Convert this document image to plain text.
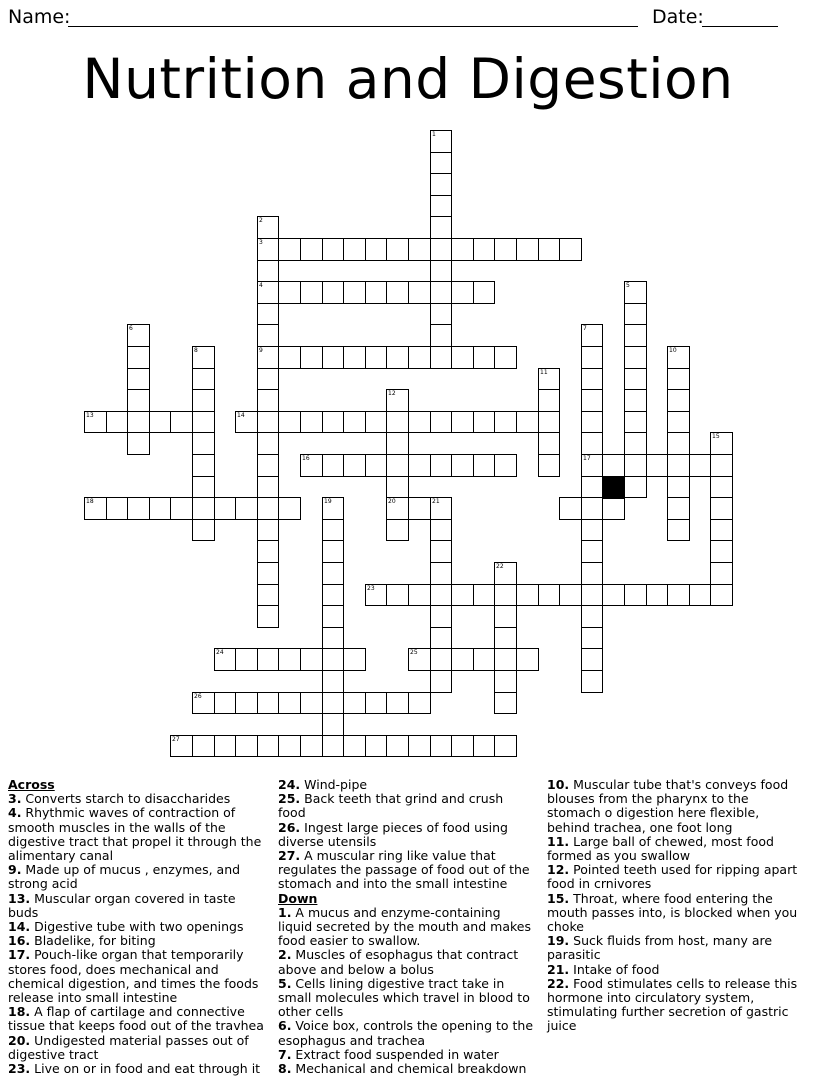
Name:	Date:
Nutrition and Digestion
1
2
3
4
9
5
6	7
17
8	10
11
12
20
13	14
15
16
18	19	21
22
23
24	25
26
27

Across

3. Converts starch to disaccharides

4. Rhythmic waves of contraction of smooth muscles in the walls of the digestive tract that propel it through the alimentary canal

9. Made up of mucus , enzymes, and strong acid

13. Muscular organ covered in taste buds

14. Digestive tube with two openings

16. Bladelike, for biting

17. Pouch-like organ that temporarily stores food, does mechanical and chemical digestion, and times the foods release into small intestine

18. A flap of cartilage and connective tissue that keeps food out of the travhea

20. Undigested material passes out of digestive tract

23. Live on or in food and eat through it

24. Wind-pipe

25. Back teeth that grind and crush food

26. Ingest large pieces of food using diverse utensils

27. A muscular ring like value that regulates the passage of food out of the stomach and into the small intestine

Down

1. A mucus and enzyme-containing liquid secreted by the mouth and makes food easier to swallow.

2. Muscles of esophagus that contract above and below a bolus

5. Cells lining digestive tract take in small molecules which travel in blood to other cells

6. Voice box, controls the opening to the esophagus and trachea

7. Extract food suspended in water

8. Mechanical and chemical breakdown

10. Muscular tube that's conveys food blouses from the pharynx to the stomach o digestion here flexible, behind trachea, one foot long

11. Large ball of chewed, most food formed as you swallow

12. Pointed teeth used for ripping apart food in crnivores

15. Throat, where food entering the mouth passes into, is blocked when you choke

19. Suck fluids from host, many are parasitic

21. Intake of food

22. Food stimulates cells to release this hormone into circulatory system, stimulating further secretion of gastric juice
